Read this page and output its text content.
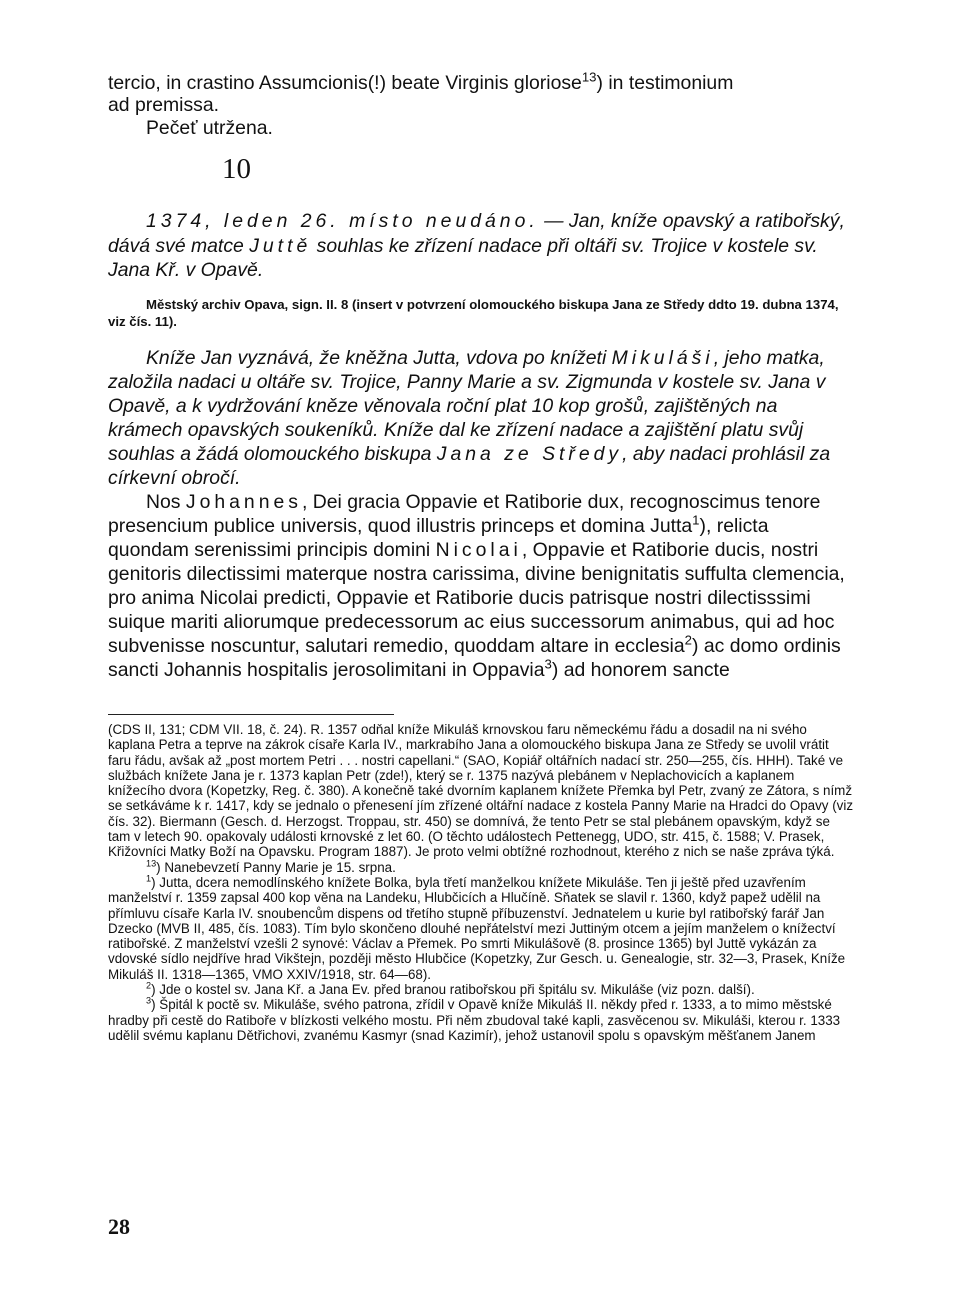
tercio, in crastino Assumcionis(!) beate Virginis gloriose$^{13}$) in testimonium
ad premissa.

Pečeť utržena.

10

1374, leden 26. místo neudáno. — Jan, kníže opavský a ratibořský, dává své matce Juttě souhlas ke zřízení nadace při oltáři sv. Trojice v kostele sv. Jana Kř. v Opavě.

Městský archiv Opava, sign. II. 8 (insert v potvrzení olomouckého biskupa Jana ze Středy ddto 19. dubna 1374, viz čís. 11).

Kníže Jan vyznává, že kněžna Jutta, vdova po knížeti Mikuláši, jeho matka, založila nadaci u oltáře sv. Trojice, Panny Marie a sv. Zigmunda v kostele sv. Jana v Opavě, a k vydržování kněze věnovala roční plat 10 kop grošů, zajištěných na krámech opavských soukeníků. Kníže dal ke zřízení nadace a zajištění platu svůj souhlas a žádá olomouckého biskupa Jana ze Středy, aby nadaci prohlásil za církevní obročí.

Nos Johannes, Dei gracia Oppavie et Ratiborie dux, recognoscimus tenore presencium publice universis, quod illustris princeps et domina Jutta$^1$), relicta quondam serenissimi principis domini Nicolai, Oppavie et Ratiborie ducis, nostri genitoris dilectissimi materque nostra carissima, divine benignitatis suffulta clemencia, pro anima Nicolai predicti, Oppavie et Ratiborie ducis patrisque nostri dilectisssimi suique mariti aliorumque predecessorum ac eius successorum animabus, qui ad hoc subvenisse noscuntur, salutari remedio, quoddam altare in ecclesia$^2$) ac domo ordinis sancti Johannis hospitalis jerosolimitani in Oppavia$^3$) ad honorem sancte

(CDS II, 131; CDM VII. 18, č. 24). R. 1357 odňal kníže Mikuláš krnovskou faru německému řádu a dosadil na ni svého kaplana Petra a teprve na zákrok císaře Karla IV., markrabího Jana a olomouckého biskupa Jana ze Středy se uvolil vrátit faru řádu, avšak až „post mortem Petri . . . nostri capellani.“ (SAO, Kopiář oltářních nadací str. 250—255, čís. HHH). Také ve službách knížete Jana je r. 1373 kaplan Petr (zde!), který se r. 1375 nazývá plebánem v Neplachovicích a kaplanem knížecího dvora (Kopetzky, Reg. č. 380). A konečně také dvorním kaplanem knížete Přemka byl Petr, zvaný ze Zátora, s nímž se setkáváme k r. 1417, kdy se jednalo o přenesení jím zřízené oltářní nadace z kostela Panny Marie na Hradci do Opavy (viz čís. 32). Biermann (Gesch. d. Herzogst. Troppau, str. 450) se domnívá, že tento Petr se stal plebánem opavským, když se tam v letech 90. opakovaly události krnovské z let 60. (O těchto událostech Pettenegg, UDO, str. 415, č. 1588; V. Prasek, Křižovníci Matky Boží na Opavsku. Program 1887). Je proto velmi obtížné rozhodnout, kterého z nich se naše zpráva týká.

$^{13}$) Nanebevzetí Panny Marie je 15. srpna.

$^1$) Jutta, dcera nemodlínského knížete Bolka, byla třetí manželkou knížete Mikuláše. Ten ji ještě před uzavřením manželství r. 1359 zapsal 400 kop věna na Landeku, Hlubčicích a Hlučíně. Sňatek se slavil r. 1360, když papež udělil na přímluvu císaře Karla IV. snoubencům dispens od třetího stupně příbuzenství. Jednatelem u kurie byl ratibořský farář Jan Dzecko (MVB II, 485, čís. 1083). Tím bylo skončeno dlouhé nepřátelství mezi Juttiným otcem a jejím manželem o knížectví ratibořské. Z manželství vzešli 2 synové: Václav a Přemek. Po smrti Mikulášově (8. prosince 1365) byl Juttě vykázán za vdovské sídlo nejdříve hrad Vikštejn, později město Hlubčice (Kopetzky, Zur Gesch. u. Genealogie, str. 32—3, Prasek, Kníže Mikuláš II. 1318—1365, VMO XXIV/1918, str. 64—68).

$^2$) Jde o kostel sv. Jana Kř. a Jana Ev. před branou ratibořskou při špitálu sv. Mikuláše (viz pozn. další).

$^3$) Špitál k poctě sv. Mikuláše, svého patrona, zřídil v Opavě kníže Mikuláš II. někdy před r. 1333, a to mimo městské hradby při cestě do Ratiboře v blízkosti velkého mostu. Při něm zbudoval také kapli, zasvěcenou sv. Mikuláši, kterou r. 1333 udělil svému kaplanu Dětřichovi, zvanému Kasmyr (snad Kazimír), jehož ustanovil spolu s opavským měšťanem Janem

28
